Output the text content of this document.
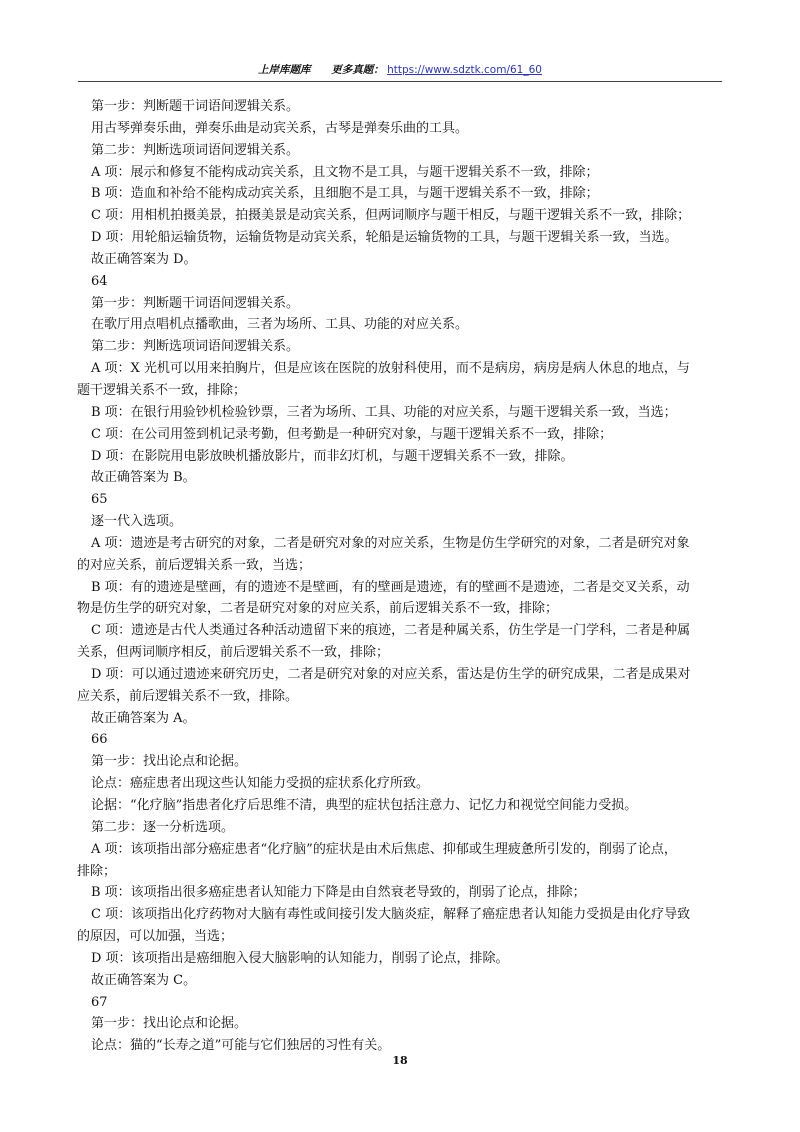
上岸库题库 更多真题： https://www.sdztk.com/61_60
第一步：判断题干词语间逻辑关系。
用古琴弹奏乐曲，弹奏乐曲是动宾关系，古琴是弹奏乐曲的工具。
第二步：判断选项词语间逻辑关系。
A 项：展示和修复不能构成动宾关系，且文物不是工具，与题干逻辑关系不一致，排除；
B 项：造血和补给不能构成动宾关系，且细胞不是工具，与题干逻辑关系不一致，排除；
C 项：用相机拍摄美景，拍摄美景是动宾关系，但两词顺序与题干相反，与题干逻辑关系不一致，排除；
D 项：用轮船运输货物，运输货物是动宾关系，轮船是运输货物的工具，与题干逻辑关系一致，当选。
故正确答案为 D。
64
第一步：判断题干词语间逻辑关系。
在歌厅用点唱机点播歌曲，三者为场所、工具、功能的对应关系。
第二步：判断选项词语间逻辑关系。
A 项：X 光机可以用来拍胸片，但是应该在医院的放射科使用，而不是病房，病房是病人休息的地点，与
题干逻辑关系不一致，排除；
B 项：在银行用验钞机检验钞票，三者为场所、工具、功能的对应关系，与题干逻辑关系一致，当选；
C 项：在公司用签到机记录考勤，但考勤是一种研究对象，与题干逻辑关系不一致，排除；
D 项：在影院用电影放映机播放影片，而非幻灯机，与题干逻辑关系不一致，排除。
故正确答案为 B。
65
逐一代入选项。
A 项：遗迹是考古研究的对象，二者是研究对象的对应关系，生物是仿生学研究的对象，二者是研究对象
的对应关系，前后逻辑关系一致，当选；
B 项：有的遗迹是壁画，有的遗迹不是壁画，有的壁画是遗迹，有的壁画不是遗迹，二者是交叉关系，动
物是仿生学的研究对象，二者是研究对象的对应关系，前后逻辑关系不一致，排除；
C 项：遗迹是古代人类通过各种活动遗留下来的痕迹，二者是种属关系，仿生学是一门学科，二者是种属
关系，但两词顺序相反，前后逻辑关系不一致，排除；
D 项：可以通过遗迹来研究历史，二者是研究对象的对应关系，雷达是仿生学的研究成果，二者是成果对
应关系，前后逻辑关系不一致，排除。
故正确答案为 A。
66
第一步：找出论点和论据。
论点：癌症患者出现这些认知能力受损的症状系化疗所致。
论据：“化疗脑”指患者化疗后思维不清，典型的症状包括注意力、记忆力和视觉空间能力受损。
第二步：逐一分析选项。
A 项：该项指出部分癌症患者“化疗脑”的症状是由术后焦虑、抑郁或生理疲惫所引发的，削弱了论点，
排除；
B 项：该项指出很多癌症患者认知能力下降是由自然衰老导致的，削弱了论点，排除；
C 项：该项指出化疗药物对大脑有毒性或间接引发大脑炎症，解释了癌症患者认知能力受损是由化疗导致
的原因，可以加强，当选；
D 项：该项指出是癌细胞入侵大脑影响的认知能力，削弱了论点，排除。
故正确答案为 C。
67
第一步：找出论点和论据。
论点：猫的“长寿之道”可能与它们独居的习性有关。
18
